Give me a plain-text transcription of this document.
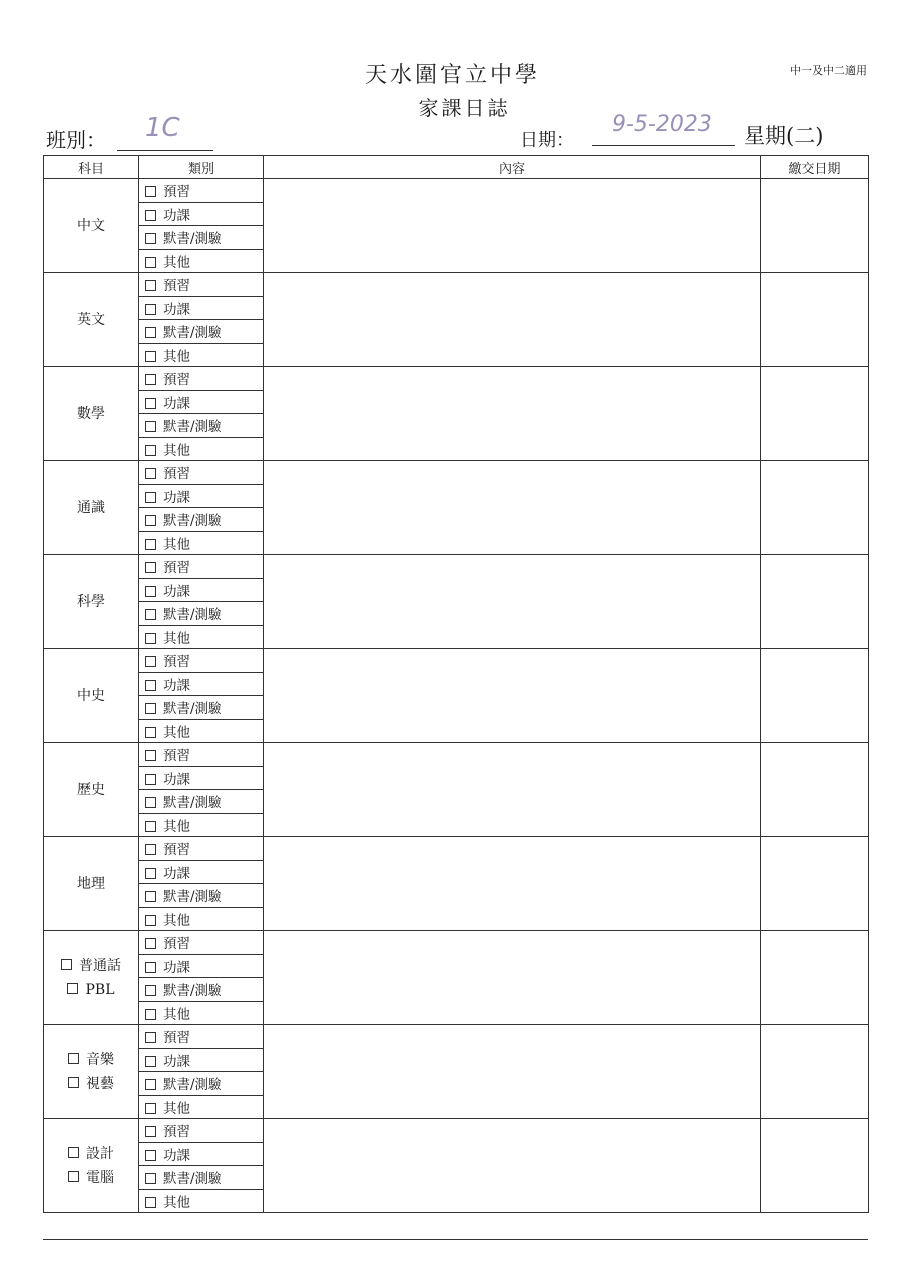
天水圍官立中學
家課日誌
中一及中二適用
班別： 1C	日期：
9-5-2023 星期(二)
科目	類別	內容	繳交日期

中文	預習		
	功課		
	默書/測驗		
	其他		

英文	預習		
	功課		
	默書/測驗		
	其他		

數學	預習		
	功課		
	默書/測驗		
	其他		

通識	預習		
	功課		
	默書/測驗		
	其他		

科學	預習		
	功課		
	默書/測驗		
	其他		

中史	預習		
	功課		
	默書/測驗		
	其他		

歷史	預習		
	功課		
	默書/測驗		
	其他		

地理	預習		
	功課		
	默書/測驗		
	其他		

普通話
PBL	預習		
	功課		
	默書/測驗		
	其他		

音樂
視藝	預習		
	功課		
	默書/測驗		
	其他		

設計
電腦	預習		
	功課		
	默書/測驗		
	其他		
